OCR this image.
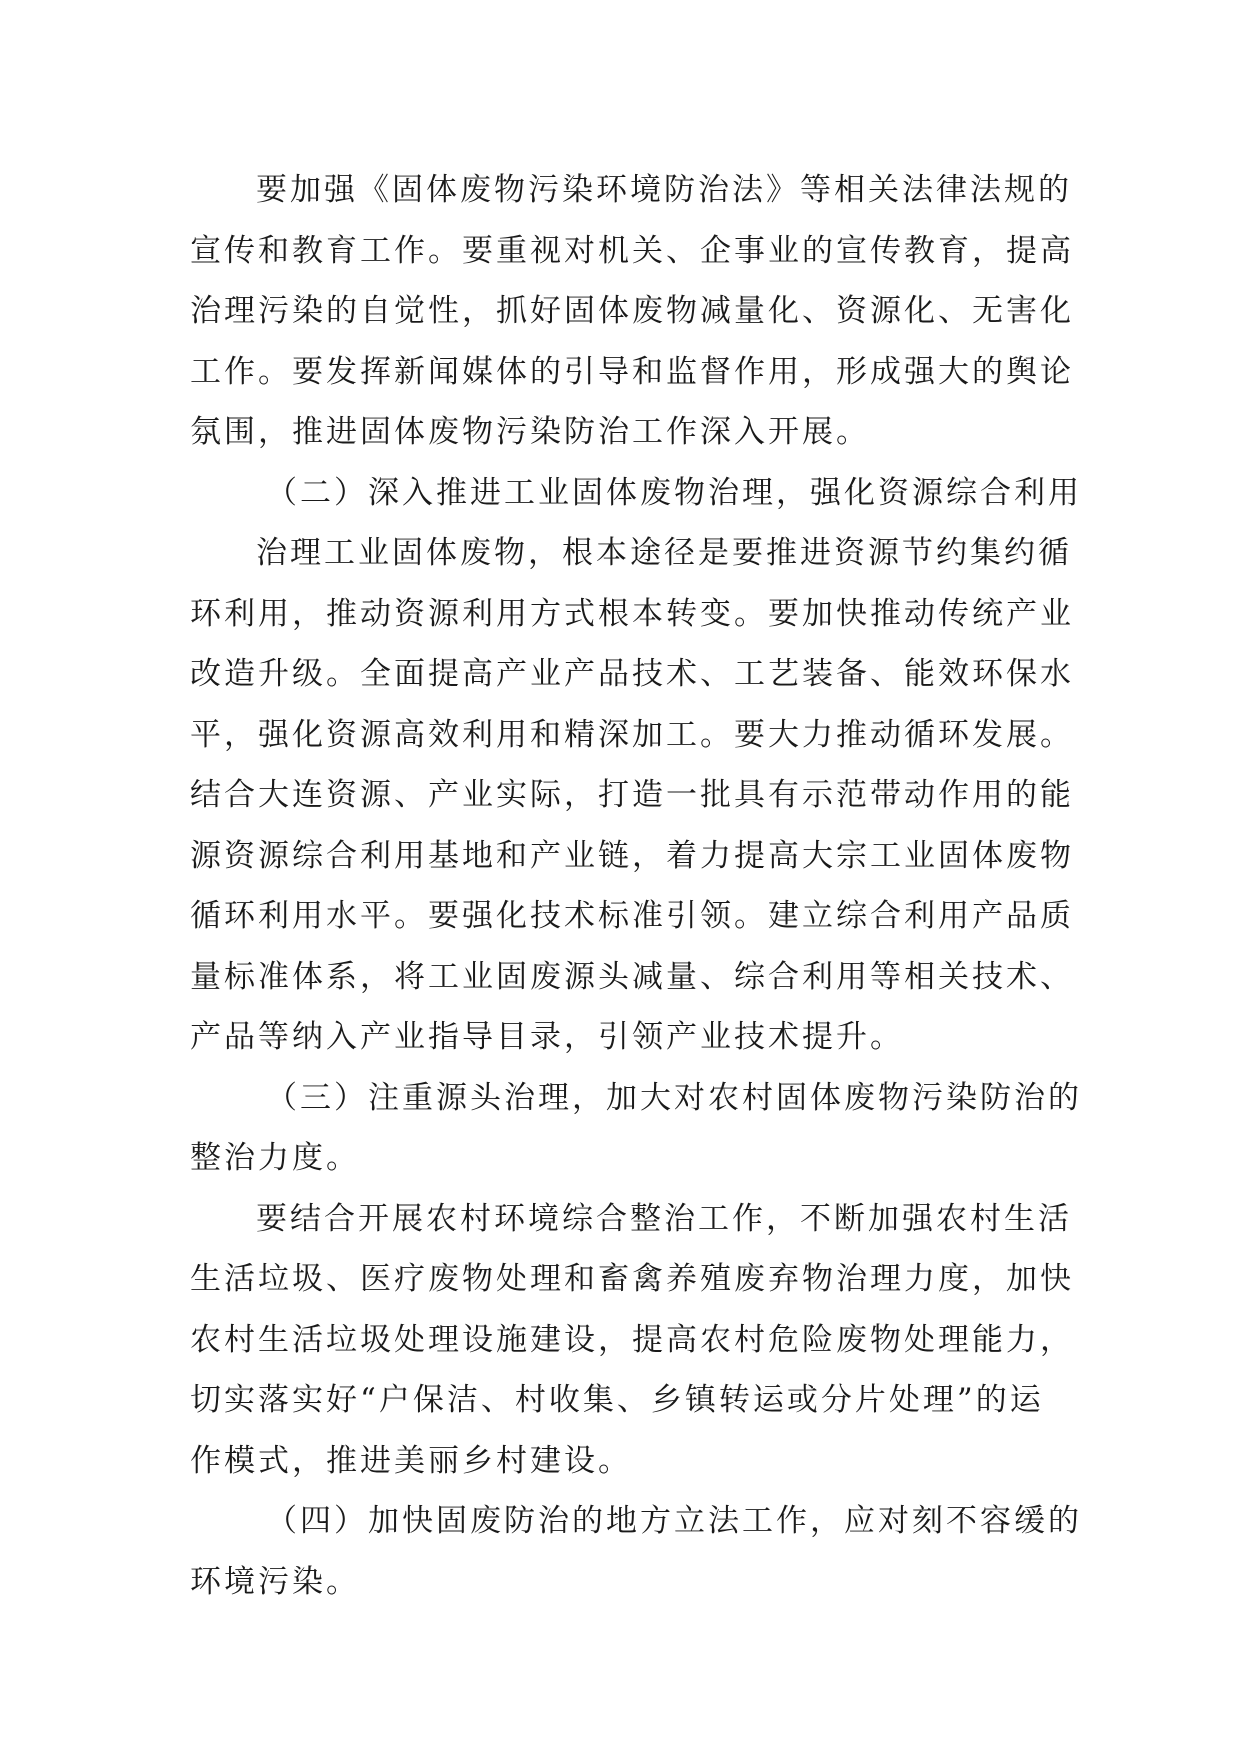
要加强《固体废物污染环境防治法》等相关法律法规的
宣传和教育工作。要重视对机关、企事业的宣传教育，提高
治理污染的自觉性，抓好固体废物减量化、资源化、无害化
工作。要发挥新闻媒体的引导和监督作用，形成强大的舆论
氛围，推进固体废物污染防治工作深入开展。
（二）深入推进工业固体废物治理，强化资源综合利用
治理工业固体废物，根本途径是要推进资源节约集约循
环利用，推动资源利用方式根本转变。要加快推动传统产业
改造升级。全面提高产业产品技术、工艺装备、能效环保水
平，强化资源高效利用和精深加工。要大力推动循环发展。
结合大连资源、产业实际，打造一批具有示范带动作用的能
源资源综合利用基地和产业链，着力提高大宗工业固体废物
循环利用水平。要强化技术标准引领。建立综合利用产品质
量标准体系，将工业固废源头减量、综合利用等相关技术、
产品等纳入产业指导目录，引领产业技术提升。
（三）注重源头治理，加大对农村固体废物污染防治的
整治力度。
要结合开展农村环境综合整治工作，不断加强农村生活
生活垃圾、医疗废物处理和畜禽养殖废弃物治理力度，加快
农村生活垃圾处理设施建设，提高农村危险废物处理能力，
切实落实好“户保洁、村收集、乡镇转运或分片处理”的运
作模式，推进美丽乡村建设。
（四）加快固废防治的地方立法工作，应对刻不容缓的
环境污染。
